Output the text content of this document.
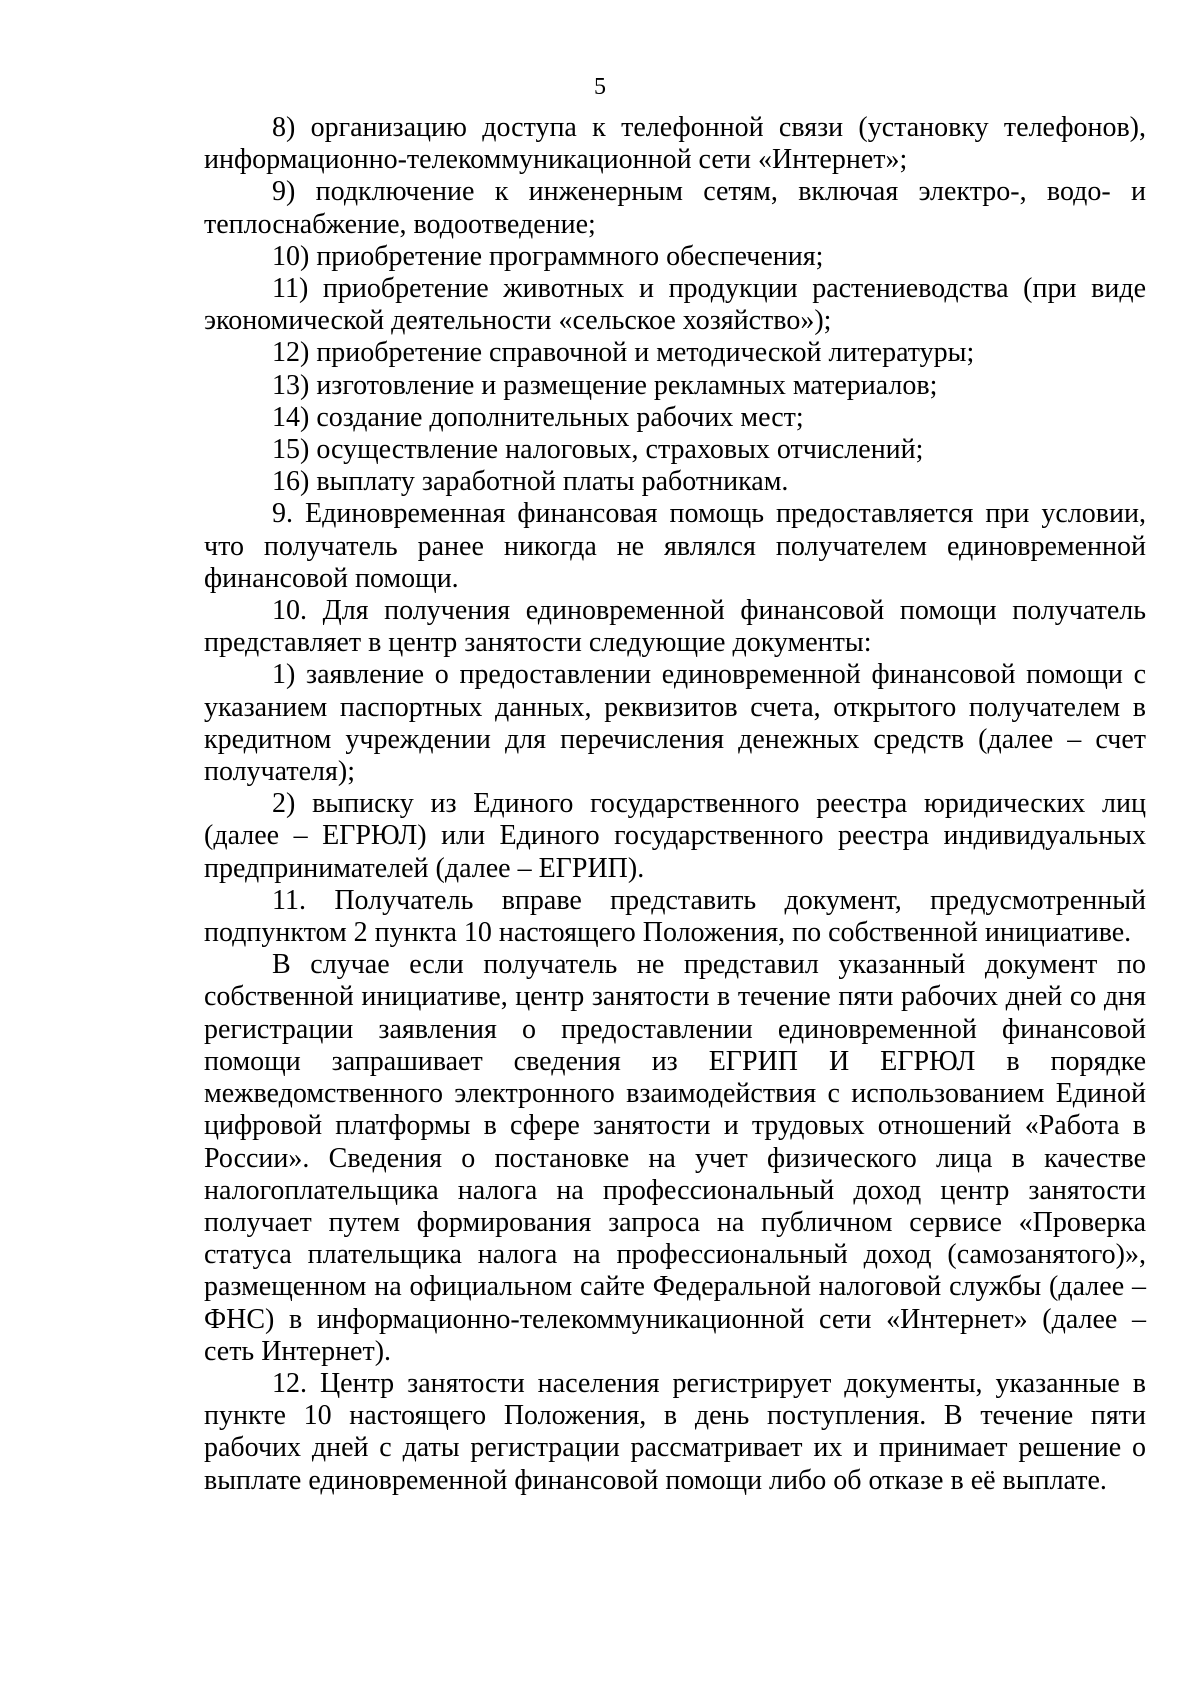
5

8) организацию доступа к телефонной связи (установку телефонов), информационно-телекоммуникационной сети «Интернет»;

9) подключение к инженерным сетям, включая электро-, водо- и теплоснабжение, водоотведение;

10) приобретение программного обеспечения;

11) приобретение животных и продукции растениеводства (при виде экономической деятельности «сельское хозяйство»);

12) приобретение справочной и методической литературы;

13) изготовление и размещение рекламных материалов;

14) создание дополнительных рабочих мест;

15) осуществление налоговых, страховых отчислений;

16) выплату заработной платы работникам.

9. Единовременная финансовая помощь предоставляется при условии, что получатель ранее никогда не являлся получателем единовременной финансовой помощи.

10. Для получения единовременной финансовой помощи получатель представляет в центр занятости следующие документы:

1) заявление о предоставлении единовременной финансовой помощи с указанием паспортных данных, реквизитов счета, открытого получателем в кредитном учреждении для перечисления денежных средств (далее – счет получателя);

2) выписку из Единого государственного реестра юридических лиц (далее – ЕГРЮЛ) или Единого государственного реестра индивидуальных предпринимателей (далее – ЕГРИП).

11. Получатель вправе представить документ, предусмотренный подпунктом 2 пункта 10 настоящего Положения, по собственной инициативе.

В случае если получатель не представил указанный документ по собственной инициативе, центр занятости в течение пяти рабочих дней со дня регистрации заявления о предоставлении единовременной финансовой помощи запрашивает сведения из ЕГРИП И ЕГРЮЛ в порядке межведомственного электронного взаимодействия с использованием Единой цифровой платформы в сфере занятости и трудовых отношений «Работа в России». Сведения о постановке на учет физического лица в качестве налогоплательщика налога на профессиональный доход центр занятости получает путем формирования запроса на публичном сервисе «Проверка статуса плательщика налога на профессиональный доход (самозанятого)», размещенном на официальном сайте Федеральной налоговой службы (далее – ФНС) в информационно-телекоммуникационной сети «Интернет» (далее – сеть Интернет).

12. Центр занятости населения регистрирует документы, указанные в пункте 10 настоящего Положения, в день поступления. В течение пяти рабочих дней с даты регистрации рассматривает их и принимает решение о выплате единовременной финансовой помощи либо об отказе в её выплате.
